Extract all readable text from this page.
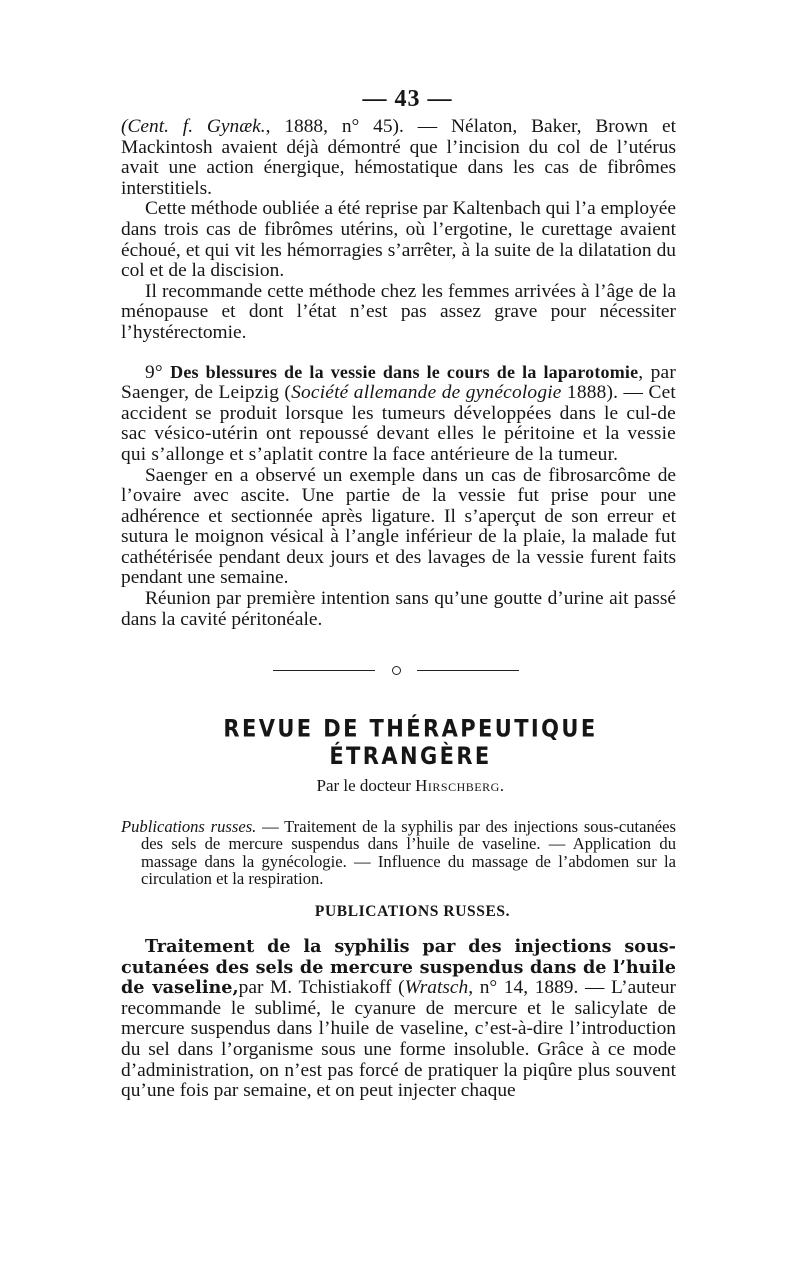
— 43 —

(Cent. f. Gynæk., 1888, n° 45). — Nélaton, Baker, Brown et Mackintosh avaient déjà démontré que l’incision du col de l’utérus avait une action énergique, hémostatique dans les cas de fibrômes interstitiels.

Cette méthode oubliée a été reprise par Kaltenbach qui l’a employée dans trois cas de fibrômes utérins, où l’ergotine, le curettage avaient échoué, et qui vit les hémorragies s’arrêter, à la suite de la dilatation du col et de la discision.

Il recommande cette méthode chez les femmes arrivées à l’âge de la ménopause et dont l’état n’est pas assez grave pour nécessiter l’hystérectomie.

9° Des blessures de la vessie dans le cours de la laparotomie, par Saenger, de Leipzig (Société allemande de gynécologie 1888). — Cet accident se produit lorsque les tumeurs développées dans le cul-de sac vésico-utérin ont repoussé devant elles le péritoine et la vessie qui s’allonge et s’aplatit contre la face antérieure de la tumeur.

Saenger en a observé un exemple dans un cas de fibrosarcôme de l’ovaire avec ascite. Une partie de la vessie fut prise pour une adhérence et sectionnée après ligature. Il s’aperçut de son erreur et sutura le moignon vésical à l’angle inférieur de la plaie, la malade fut cathétérisée pendant deux jours et des lavages de la vessie furent faits pendant une semaine.

Réunion par première intention sans qu’une goutte d’urine ait passé dans la cavité péritonéale.

REVUE DE THÉRAPEUTIQUE ÉTRANGÈRE
Par le docteur Hirschberg.

Publications russes. — Traitement de la syphilis par des injections sous-cutanées des sels de mercure suspendus dans l’huile de vaseline. — Application du massage dans la gynécologie. — Influence du massage de l’abdomen sur la circulation et la respiration.

PUBLICATIONS RUSSES.

Traitement de la syphilis par des injections sous-cutanées des sels de mercure suspendus dans de l’huile de vaseline,par M. Tchistiakoff (Wratsch, n° 14, 1889. — L’auteur recommande le sublimé, le cyanure de mercure et le salicylate de mercure suspendus dans l’huile de vaseline, c’est-à-dire l’introduction du sel dans l’organisme sous une forme insoluble. Grâce à ce mode d’administration, on n’est pas forcé de pratiquer la piqûre plus souvent qu’une fois par semaine, et on peut injecter chaque
